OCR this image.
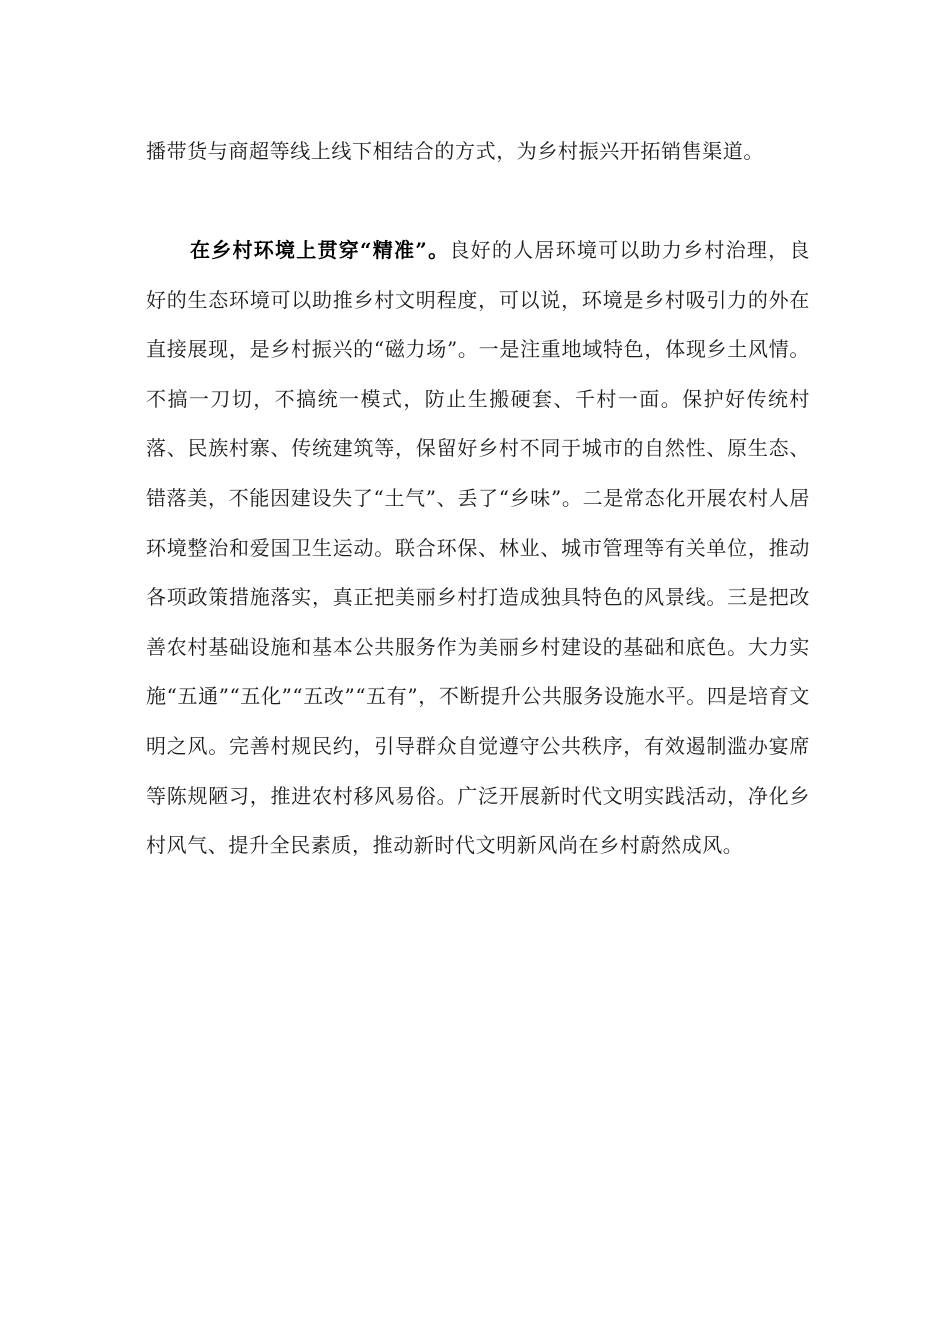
播带货与商超等线上线下相结合的方式，为乡村振兴开拓销售渠道。

在乡村环境上贯穿“精准”。良好的人居环境可以助力乡村治理，良好的生态环境可以助推乡村文明程度，可以说，环境是乡村吸引力的外在直接展现，是乡村振兴的“磁力场”。一是注重地域特色，体现乡土风情。不搞一刀切，不搞统一模式，防止生搬硬套、千村一面。保护好传统村落、民族村寨、传统建筑等，保留好乡村不同于城市的自然性、原生态、错落美，不能因建设失了“土气”、丢了“乡味”。二是常态化开展农村人居环境整治和爱国卫生运动。联合环保、林业、城市管理等有关单位，推动各项政策措施落实，真正把美丽乡村打造成独具特色的风景线。三是把改善农村基础设施和基本公共服务作为美丽乡村建设的基础和底色。大力实施“五通”“五化”“五改”“五有”，不断提升公共服务设施水平。四是培育文明之风。完善村规民约，引导群众自觉遵守公共秩序，有效遏制滥办宴席等陈规陋习，推进农村移风易俗。广泛开展新时代文明实践活动，净化乡村风气、提升全民素质，推动新时代文明新风尚在乡村蔚然成风。
